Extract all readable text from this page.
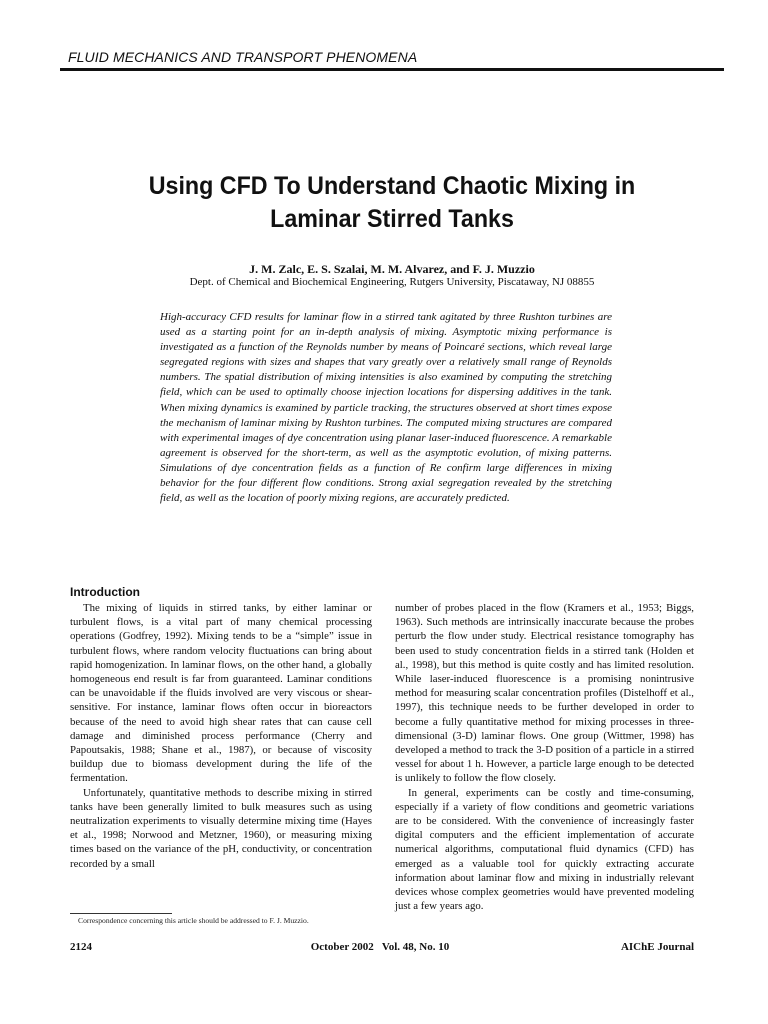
FLUID MECHANICS AND TRANSPORT PHENOMENA
Using CFD To Understand Chaotic Mixing in
Laminar Stirred Tanks
J. M. Zalc, E. S. Szalai, M. M. Alvarez, and F. J. Muzzio
Dept. of Chemical and Biochemical Engineering, Rutgers University, Piscataway, NJ 08855
High-accuracy CFD results for laminar flow in a stirred tank agitated by three Rushton turbines are used as a starting point for an in-depth analysis of mixing. Asymptotic mixing performance is investigated as a function of the Reynolds number by means of Poincaré sections, which reveal large segregated regions with sizes and shapes that vary greatly over a relatively small range of Reynolds numbers. The spatial distribution of mixing intensities is also examined by computing the stretching field, which can be used to optimally choose injection locations for dispersing additives in the tank. When mixing dynamics is examined by particle tracking, the structures observed at short times expose the mechanism of laminar mixing by Rushton turbines. The computed mixing structures are compared with experimental images of dye concentration using planar laser-induced fluorescence. A remarkable agreement is observed for the short-term, as well as the asymptotic evolution, of mixing patterns. Simulations of dye concentration fields as a function of Re confirm large differences in mixing behavior for the four different flow conditions. Strong axial segregation revealed by the stretching field, as well as the location of poorly mixing regions, are accurately predicted.
Introduction

The mixing of liquids in stirred tanks, by either laminar or turbulent flows, is a vital part of many chemical processing operations (Godfrey, 1992). Mixing tends to be a “simple” issue in turbulent flows, where random velocity fluctuations can bring about rapid homogenization. In laminar flows, on the other hand, a globally homogeneous end result is far from guaranteed. Laminar conditions can be unavoidable if the fluids involved are very viscous or shear-sensitive. For instance, laminar flows often occur in bioreactors because of the need to avoid high shear rates that can cause cell damage and diminished process performance (Cherry and Papoutsakis, 1988; Shane et al., 1987), or because of viscosity buildup due to biomass development during the life of the fermentation.

Unfortunately, quantitative methods to describe mixing in stirred tanks have been generally limited to bulk measures such as using neutralization experiments to visually determine mixing time (Hayes et al., 1998; Norwood and Metzner, 1960), or measuring mixing times based on the variance of the pH, conductivity, or concentration recorded by a small

number of probes placed in the flow (Kramers et al., 1953; Biggs, 1963). Such methods are intrinsically inaccurate because the probes perturb the flow under study. Electrical resistance tomography has been used to study concentration fields in a stirred tank (Holden et al., 1998), but this method is quite costly and has limited resolution. While laser-induced fluorescence is a promising nonintrusive method for measuring scalar concentration profiles (Distelhoff et al., 1997), this technique needs to be further developed in order to become a fully quantitative method for mixing processes in three-dimensional (3-D) laminar flows. One group (Wittmer, 1998) has developed a method to track the 3-D position of a particle in a stirred vessel for about 1 h. However, a particle large enough to be detected is unlikely to follow the flow closely.

In general, experiments can be costly and time-consuming, especially if a variety of flow conditions and geometric variations are to be considered. With the convenience of increasingly faster digital computers and the efficient implementation of accurate numerical algorithms, computational fluid dynamics (CFD) has emerged as a valuable tool for quickly extracting accurate information about laminar flow and mixing in industrially relevant devices whose complex geometries would have prevented modeling just a few years ago.

Correspondence concerning this article should be addressed to F. J. Muzzio.
2124	October 2002   Vol. 48, No. 10	AIChE Journal
